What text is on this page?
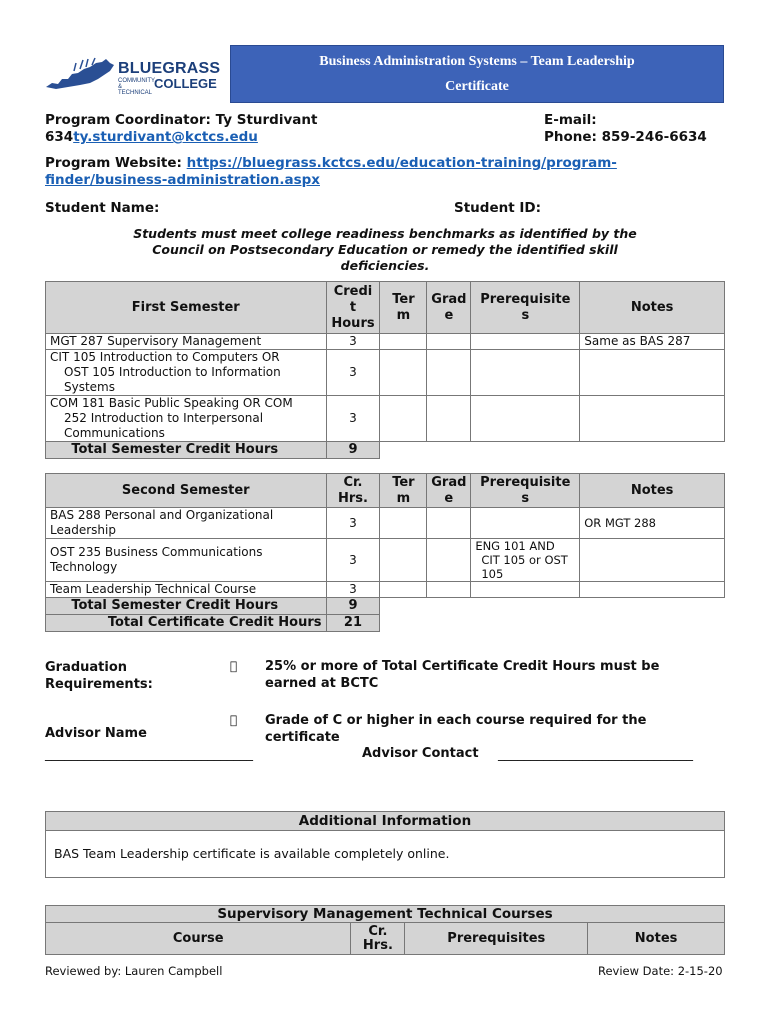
BLUEGRASS
COMMUNITY & TECHNICAL
COLLEGE
Business Administration Systems – Team Leadership
Certificate
Program Coordinator: Ty Sturdivant
634ty.sturdivant@kctcs.edu
E-mail:
Phone: 859-246-6634
Program Website: https://bluegrass.kctcs.edu/education-training/program-
finder/business-administration.aspx
Student Name:	Student ID:
Students must meet college readiness benchmarks as identified by the
Council on Postsecondary Education or remedy the identified skill
deficiencies.
First Semester	Credi
t
Hours	Ter
m	Grad
e	Prerequisite
s	Notes
MGT 287 Supervisory Management	3				Same as BAS 287
CIT 105 Introduction to Computers OR
OST 105 Introduction to Information
Systems	3				
COM 181 Basic Public Speaking OR COM
252 Introduction to Interpersonal
Communications	3				
Total Semester Credit Hours	9				
Second Semester	Cr.
Hrs.	Ter
m	Grad
e	Prerequisite
s	Notes
BAS 288 Personal and Organizational
Leadership	3				OR MGT 288
OST 235 Business Communications
Technology	3			ENG 101 AND
CIT 105 or OST
105	
Team Leadership Technical Course	3				
Total Semester Credit Hours	9				
Total Certificate Credit Hours	21				
Graduation
Requirements:
25% or more of Total Certificate Credit Hours must be
earned at BCTC
Grade of C or higher in each course required for the
certificate
Advisor Name
________________________________	Advisor Contact ______________________________
Additional Information
BAS Team Leadership certificate is available completely online.
Supervisory Management Technical Courses
Course	Cr.
Hrs.	Prerequisites	Notes
Reviewed by: Lauren Campbell	Review Date: 2-15-20
